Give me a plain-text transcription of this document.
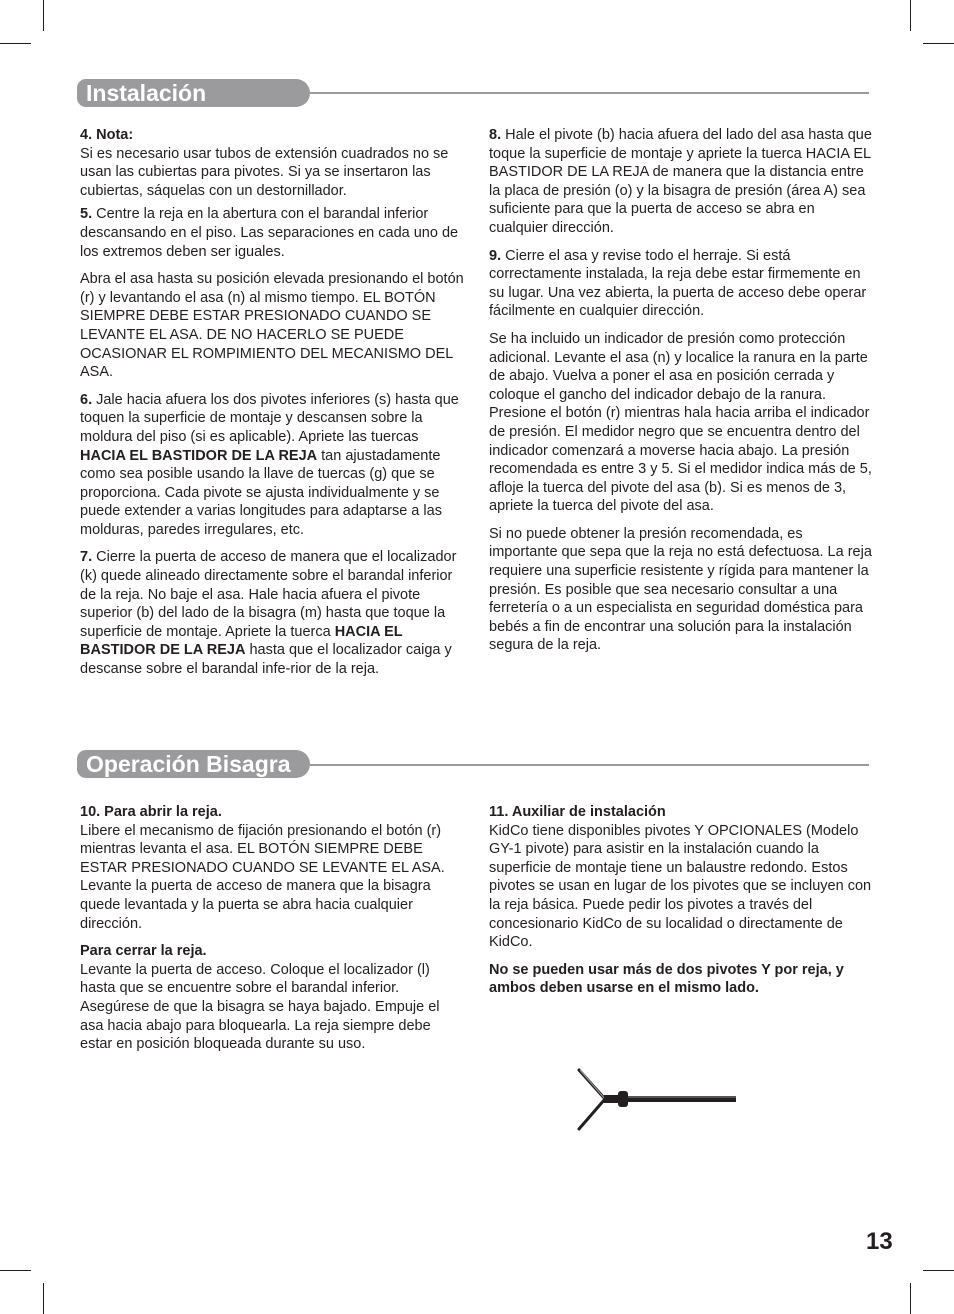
Instalación

4. Nota:
Si es necesario usar tubos de extensión cuadrados no se usan las cubiertas para pivotes. Si ya se insertaron las cubiertas, sáquelas con un destornillador.

5. Centre la reja en la abertura con el barandal inferior descansando en el piso. Las separaciones en cada uno de los extremos deben ser iguales.

Abra el asa hasta su posición elevada presionando el botón (r) y levantando el asa (n) al mismo tiempo. EL BOTÓN SIEMPRE DEBE ESTAR PRESIONADO CUANDO SE LEVANTE EL ASA. DE NO HACERLO SE PUEDE OCASIONAR EL ROMPIMIENTO DEL MECANISMO DEL ASA.

6. Jale hacia afuera los dos pivotes inferiores (s) hasta que toquen la superficie de montaje y descansen sobre la moldura del piso (si es aplicable). Apriete las tuercas HACIA EL BASTIDOR DE LA REJA tan ajustadamente como sea posible usando la llave de tuercas (g) que se proporciona. Cada pivote se ajusta individualmente y se puede extender a varias longitudes para adaptarse a las molduras, paredes irregulares, etc.

7. Cierre la puerta de acceso de manera que el localizador (k) quede alineado directamente sobre el barandal inferior de la reja. No baje el asa. Hale hacia afuera el pivote superior (b) del lado de la bisagra (m) hasta que toque la superficie de montaje. Apriete la tuerca HACIA EL BASTIDOR DE LA REJA hasta que el localizador caiga y descanse sobre el barandal infe-rior de la reja.

8. Hale el pivote (b) hacia afuera del lado del asa hasta que toque la superficie de montaje y apriete la tuerca HACIA EL BASTIDOR DE LA REJA de manera que la distancia entre la placa de presión (o) y la bisagra de presión (área A) sea suficiente para que la puerta de acceso se abra en cualquier dirección.

9. Cierre el asa y revise todo el herraje. Si está correctamente instalada, la reja debe estar firmemente en su lugar. Una vez abierta, la puerta de acceso debe operar fácilmente en cualquier dirección.

Se ha incluido un indicador de presión como protección adicional. Levante el asa (n) y localice la ranura en la parte de abajo. Vuelva a poner el asa en posición cerrada y coloque el gancho del indicador debajo de la ranura. Presione el botón (r) mientras hala hacia arriba el indicador de presión. El medidor negro que se encuentra dentro del indicador comenzará a moverse hacia abajo. La presión recomendada es entre 3 y 5. Si el medidor indica más de 5, afloje la tuerca del pivote del asa (b). Si es menos de 3, apriete la tuerca del pivote del asa.

Si no puede obtener la presión recomendada, es importante que sepa que la reja no está defectuosa. La reja requiere una superficie resistente y rígida para mantener la presión. Es posible que sea necesario consultar a una ferretería o a un especialista en seguridad doméstica para bebés a fin de encontrar una solución para la instalación segura de la reja.

Operación Bisagra

10. Para abrir la reja.
Libere el mecanismo de fijación presionando el botón (r) mientras levanta el asa. EL BOTÓN SIEMPRE DEBE ESTAR PRESIONADO CUANDO SE LEVANTE EL ASA. Levante la puerta de acceso de manera que la bisagra quede levantada y la puerta se abra hacia cualquier dirección.

Para cerrar la reja.
Levante la puerta de acceso. Coloque el localizador (l) hasta que se encuentre sobre el barandal inferior. Asegúrese de que la bisagra se haya bajado. Empuje el asa hacia abajo para bloquearla. La reja siempre debe estar en posición bloqueada durante su uso.

11. Auxiliar de instalación
KidCo tiene disponibles pivotes Y OPCIONALES (Modelo GY-1 pivote) para asistir en la instalación cuando la superficie de montaje tiene un balaustre redondo. Estos pivotes se usan en lugar de los pivotes que se incluyen con la reja básica. Puede pedir los pivotes a través del concesionario KidCo de su localidad o directamente de KidCo.

No se pueden usar más de dos pivotes Y por reja, y ambos deben usarse en el mismo lado.

13
